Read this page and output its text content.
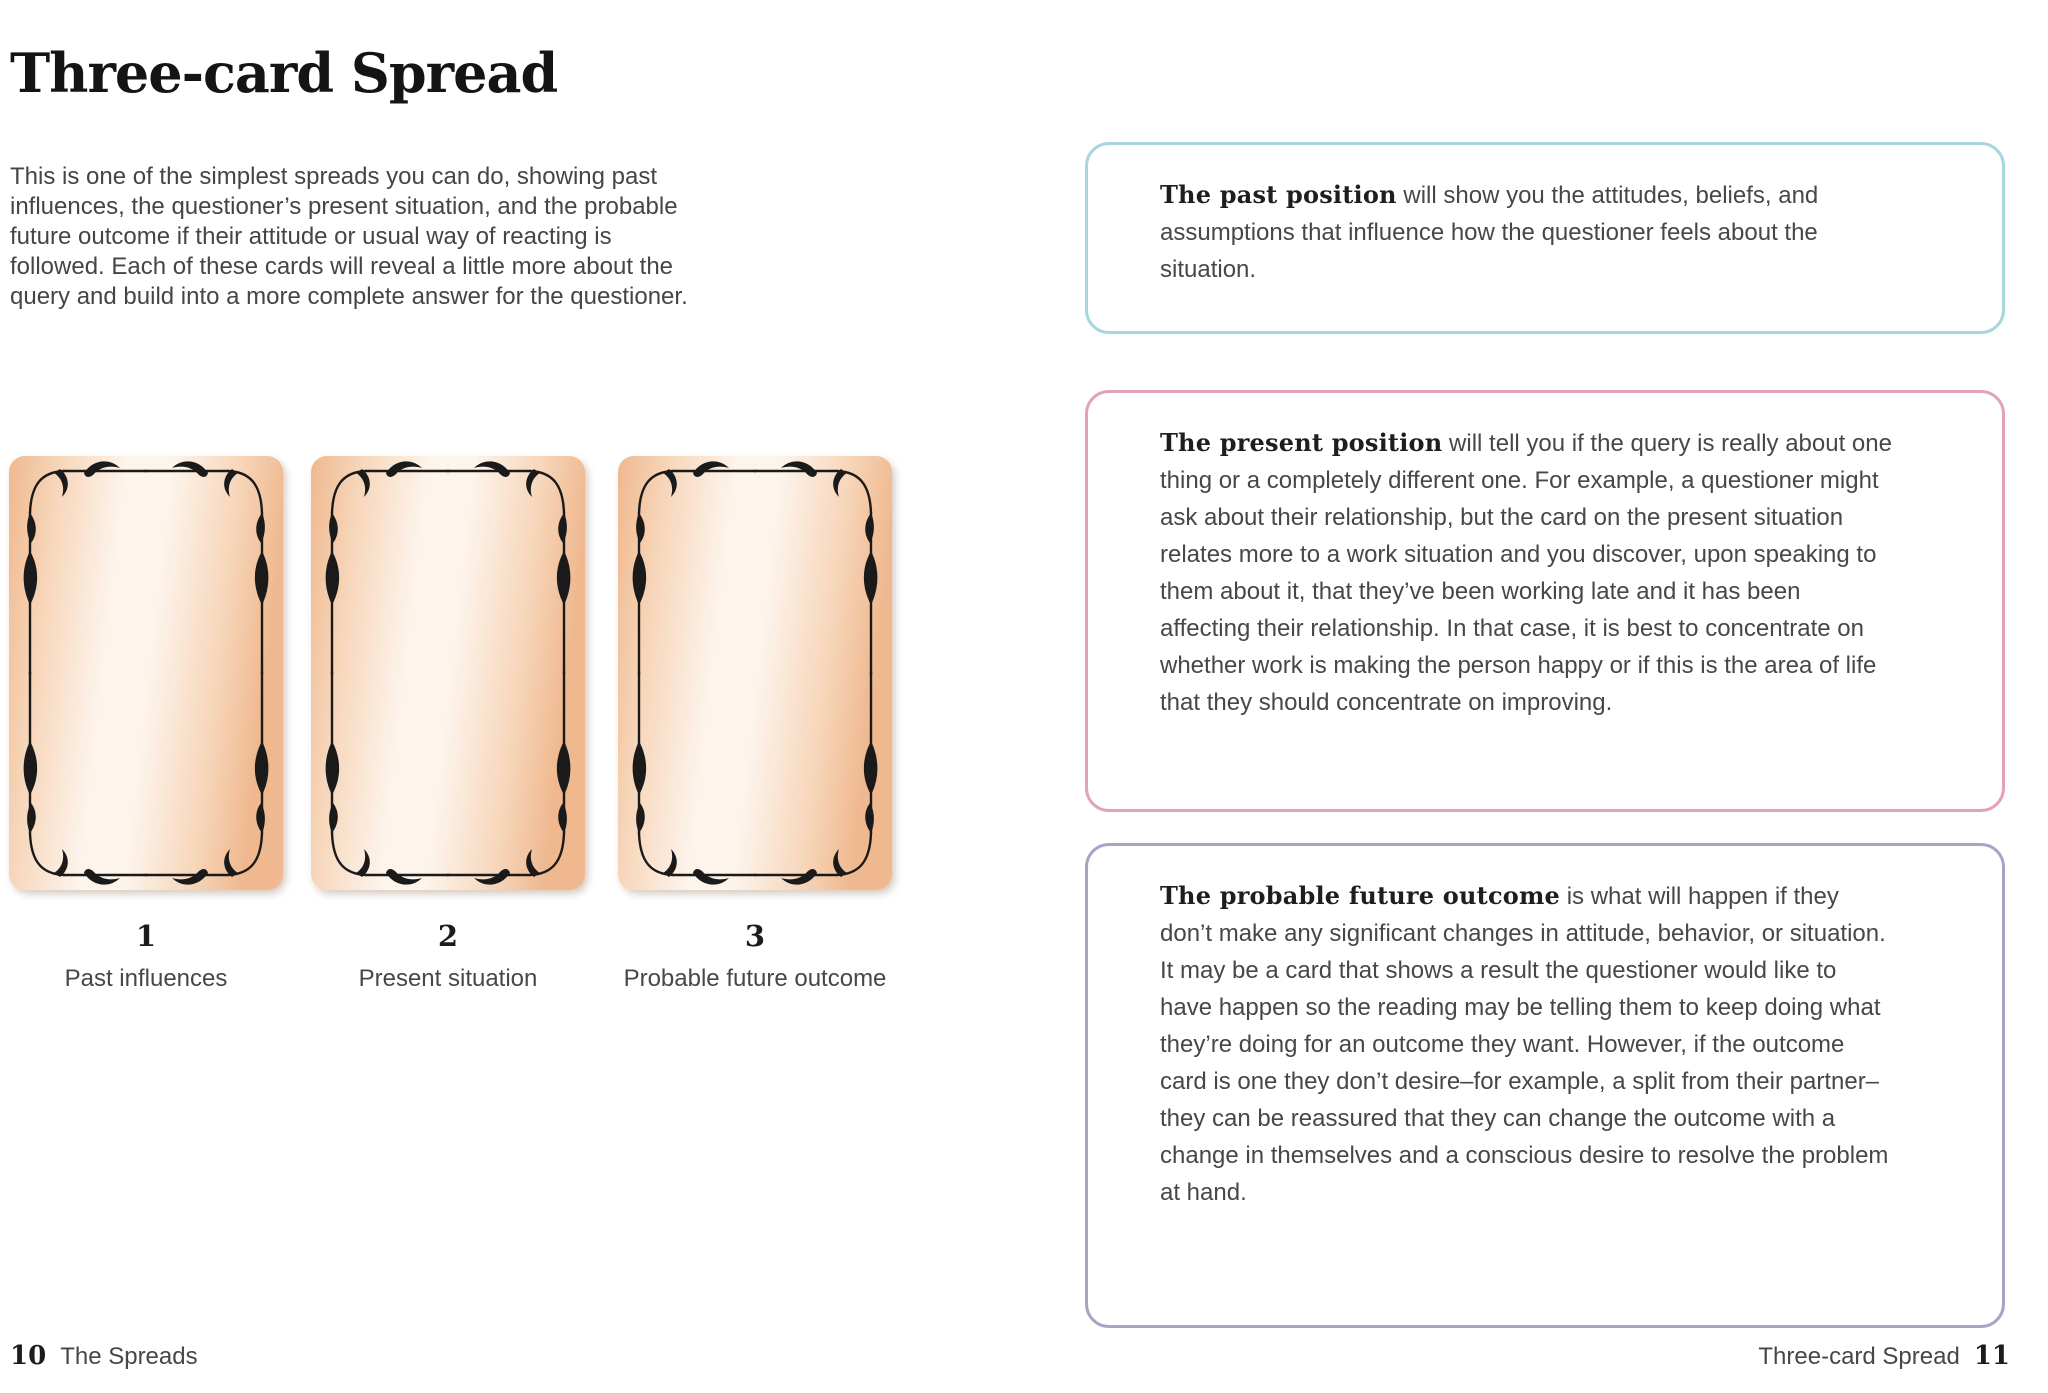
Three-card Spread

This is one of the simplest spreads you can do, showing past influences, the questioner’s present situation, and the probable future outcome if their attitude or usual way of reacting is followed. Each of these cards will reveal a little more about the query and build into a more complete answer for the questioner.

1
Past influences
2
Present situation
3
Probable future outcome
The past position will show you the attitudes, beliefs, and assumptions that influence how the questioner feels about the situation.
The present position will tell you if the query is really about one thing or a completely different one. For example, a questioner might ask about their relationship, but the card on the present situation relates more to a work situation and you discover, upon speaking to them about it, that they’ve been working late and it has been affecting their relationship. In that case, it is best to concentrate on whether work is making the person happy or if this is the area of life that they should concentrate on improving.
The probable future outcome is what will happen if they don’t make any significant changes in attitude, behavior, or situation. It may be a card that shows a result the questioner would like to have happen so the reading may be telling them to keep doing what they’re doing for an outcome they want. However, if the outcome card is one they don’t desire–for example, a split from their partner–they can be reassured that they can change the outcome with a change in themselves and a conscious desire to resolve the problem at hand.
10 The Spreads	Three-card Spread 11
